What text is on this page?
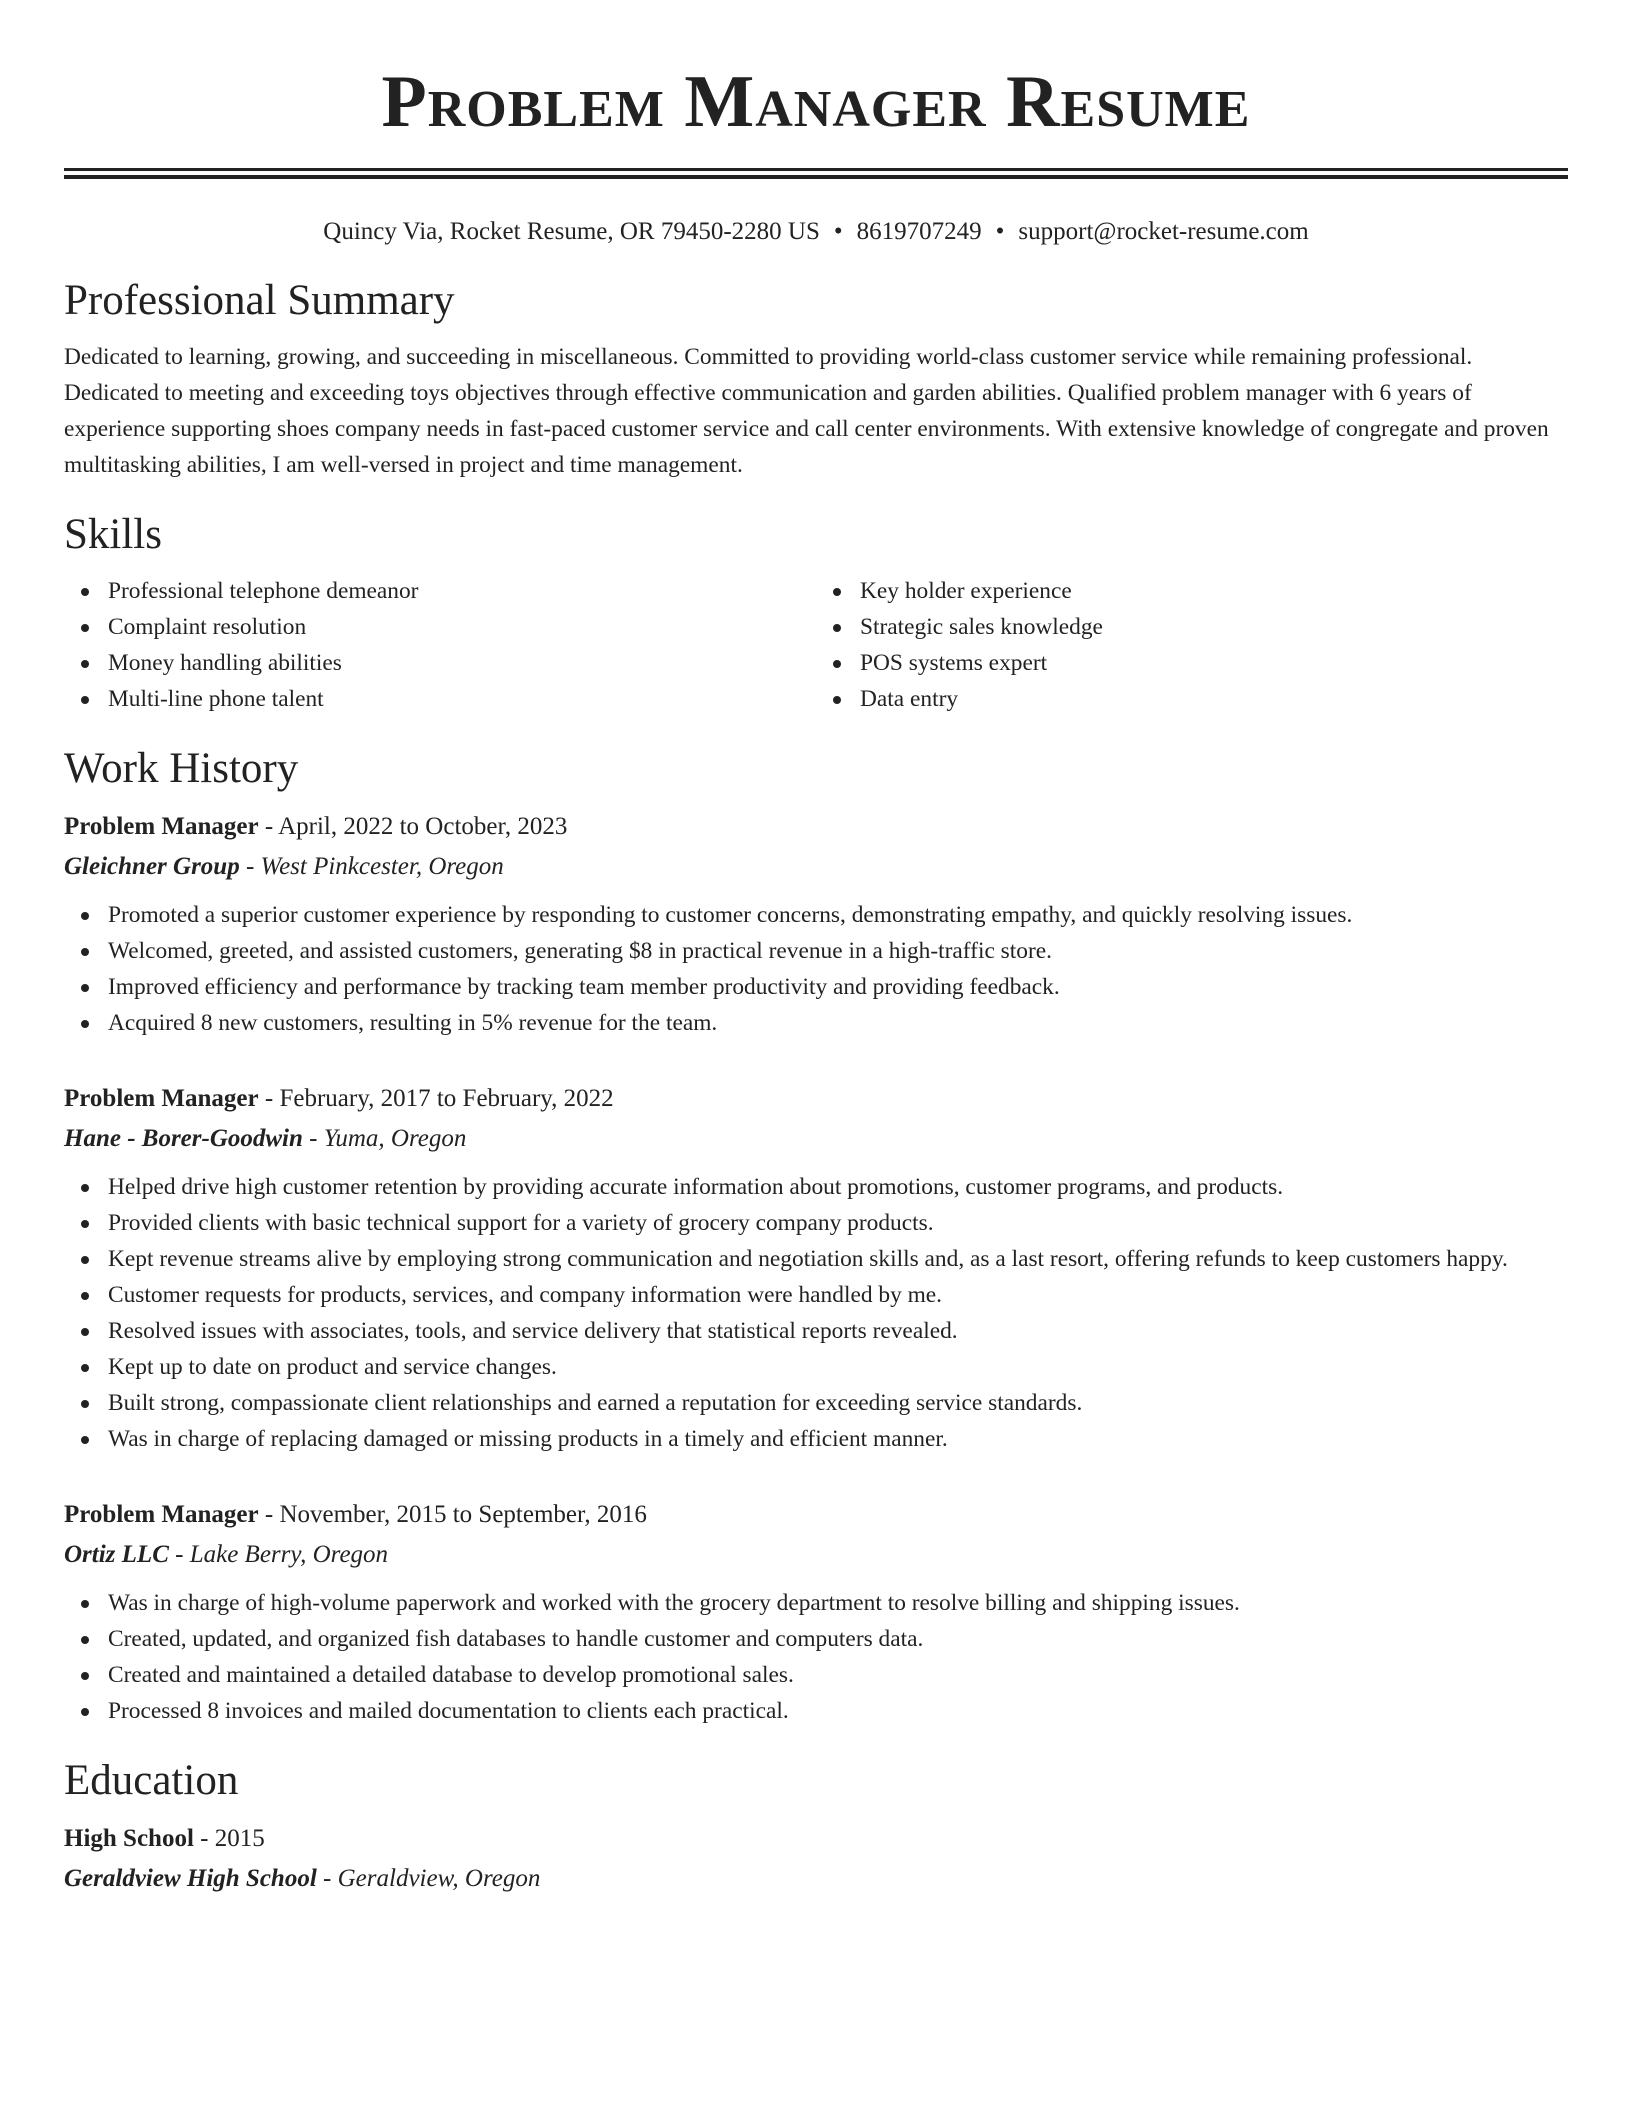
Problem Manager Resume
Quincy Via, Rocket Resume, OR 79450-2280 US • 8619707249 • support@rocket-resume.com
Professional Summary
Dedicated to learning, growing, and succeeding in miscellaneous. Committed to providing world-class customer service while remaining professional. Dedicated to meeting and exceeding toys objectives through effective communication and garden abilities. Qualified problem manager with 6 years of experience supporting shoes company needs in fast-paced customer service and call center environments. With extensive knowledge of congregate and proven multitasking abilities, I am well-versed in project and time management.
Skills
Professional telephone demeanor
Complaint resolution
Money handling abilities
Multi-line phone talent
Key holder experience
Strategic sales knowledge
POS systems expert
Data entry
Work History
Problem Manager - April, 2022 to October, 2023
Gleichner Group - West Pinkcester, Oregon
Promoted a superior customer experience by responding to customer concerns, demonstrating empathy, and quickly resolving issues.
Welcomed, greeted, and assisted customers, generating $8 in practical revenue in a high-traffic store.
Improved efficiency and performance by tracking team member productivity and providing feedback.
Acquired 8 new customers, resulting in 5% revenue for the team.
Problem Manager - February, 2017 to February, 2022
Hane - Borer-Goodwin - Yuma, Oregon
Helped drive high customer retention by providing accurate information about promotions, customer programs, and products.
Provided clients with basic technical support for a variety of grocery company products.
Kept revenue streams alive by employing strong communication and negotiation skills and, as a last resort, offering refunds to keep customers happy.
Customer requests for products, services, and company information were handled by me.
Resolved issues with associates, tools, and service delivery that statistical reports revealed.
Kept up to date on product and service changes.
Built strong, compassionate client relationships and earned a reputation for exceeding service standards.
Was in charge of replacing damaged or missing products in a timely and efficient manner.
Problem Manager - November, 2015 to September, 2016
Ortiz LLC - Lake Berry, Oregon
Was in charge of high-volume paperwork and worked with the grocery department to resolve billing and shipping issues.
Created, updated, and organized fish databases to handle customer and computers data.
Created and maintained a detailed database to develop promotional sales.
Processed 8 invoices and mailed documentation to clients each practical.
Education
High School - 2015
Geraldview High School - Geraldview, Oregon
